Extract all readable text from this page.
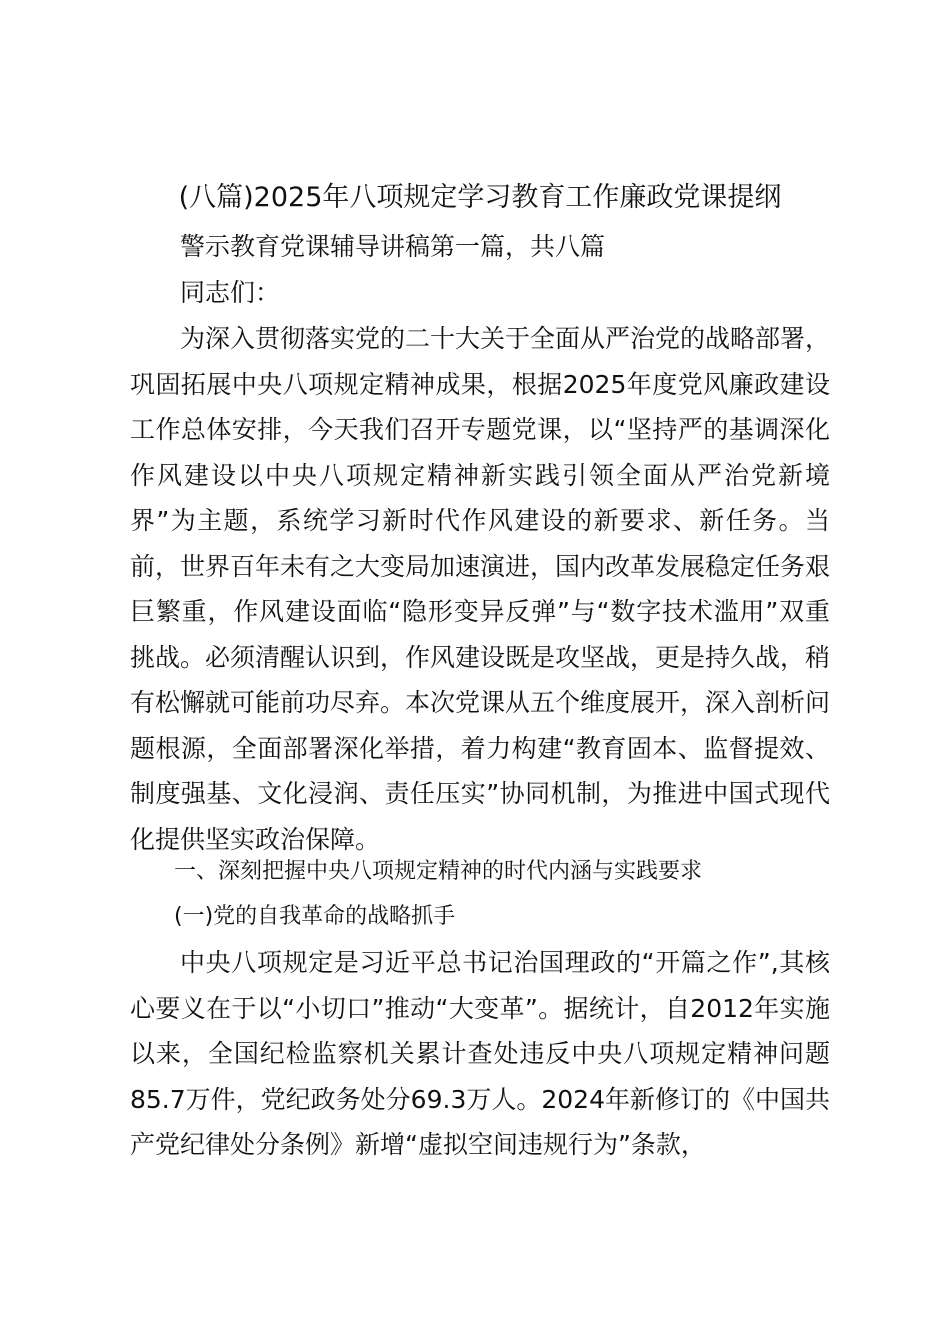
(八篇)2025年八项规定学习教育工作廉政党课提纲

警示教育党课辅导讲稿第一篇，共八篇

同志们：

为深入贯彻落实党的二十大关于全面从严治党的战略部署，巩固拓展中央八项规定精神成果，根据2025年度党风廉政建设工作总体安排，今天我们召开专题党课，以“坚持严的基调深化作风建设以中央八项规定精神新实践引领全面从严治党新境界”为主题，系统学习新时代作风建设的新要求、新任务。当前，世界百年未有之大变局加速演进，国内改革发展稳定任务艰巨繁重，作风建设面临“隐形变异反弹”与“数字技术滥用”双重挑战。必须清醒认识到，作风建设既是攻坚战，更是持久战，稍有松懈就可能前功尽弃。本次党课从五个维度展开，深入剖析问题根源，全面部署深化举措，着力构建“教育固本、监督提效、制度强基、文化浸润、责任压实”协同机制，为推进中国式现代化提供坚实政治保障。

一、深刻把握中央八项规定精神的时代内涵与实践要求

(一)党的自我革命的战略抓手

中央八项规定是习近平总书记治国理政的“开篇之作”,其核心要义在于以“小切口”推动“大变革”。据统计，自2012年实施以来，全国纪检监察机关累计查处违反中央八项规定精神问题85.7万件，党纪政务处分69.3万人。2024年新修订的《中国共产党纪律处分条例》新增“虚拟空间违规行为”条款，
